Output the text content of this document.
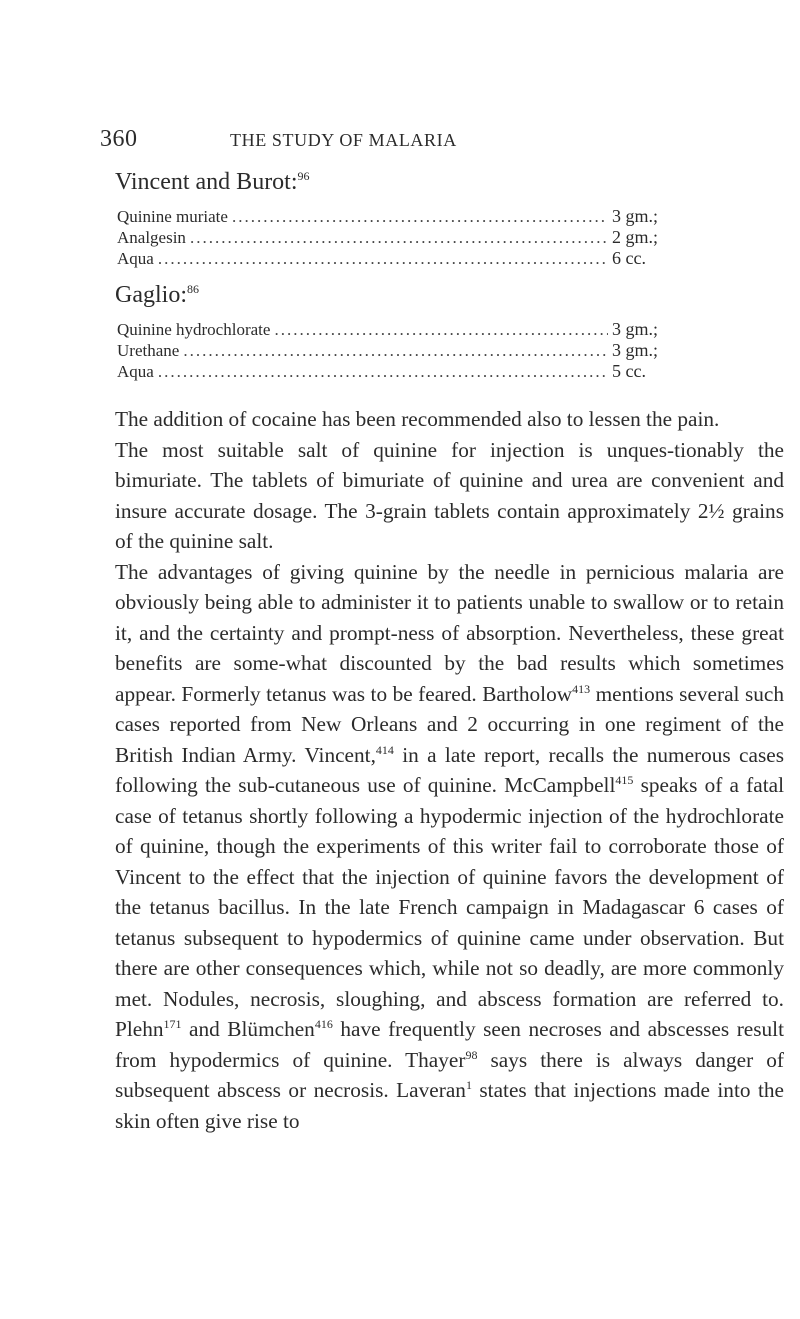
360	THE STUDY OF MALARIA
Vincent and Burot:$^{96}$
Quinine muriate .....	3 gm.;
Analgesin .....	2 gm.;
Aqua .....	6 cc.
Gaglio:$^{86}$
Quinine hydrochlorate .....	3 gm.;
Urethane .....	3 gm.;
Aqua .....	5 cc.

The addition of cocaine has been recommended also to lessen the pain.

The most suitable salt of quinine for injection is unques-tionably the bimuriate. The tablets of bimuriate of quinine and urea are convenient and insure accurate dosage. The 3-grain tablets contain approximately 2½ grains of the quinine salt.

The advantages of giving quinine by the needle in pernicious malaria are obviously being able to administer it to patients unable to swallow or to retain it, and the certainty and prompt-ness of absorption. Nevertheless, these great benefits are some-what discounted by the bad results which sometimes appear. Formerly tetanus was to be feared. Bartholow$^{413}$ mentions several such cases reported from New Orleans and 2 occurring in one regiment of the British Indian Army. Vincent,$^{414}$ in a late report, recalls the numerous cases following the sub-cutaneous use of quinine. McCampbell$^{415}$ speaks of a fatal case of tetanus shortly following a hypodermic injection of the hydrochlorate of quinine, though the experiments of this writer fail to corroborate those of Vincent to the effect that the injection of quinine favors the development of the tetanus bacillus. In the late French campaign in Madagascar 6 cases of tetanus subsequent to hypodermics of quinine came under observation. But there are other consequences which, while not so deadly, are more commonly met. Nodules, necrosis, sloughing, and abscess formation are referred to. Plehn$^{171}$ and Blümchen$^{416}$ have frequently seen necroses and abscesses result from hypodermics of quinine. Thayer$^{98}$ says there is always danger of subsequent abscess or necrosis. Laveran$^1$ states that injections made into the skin often give rise to
